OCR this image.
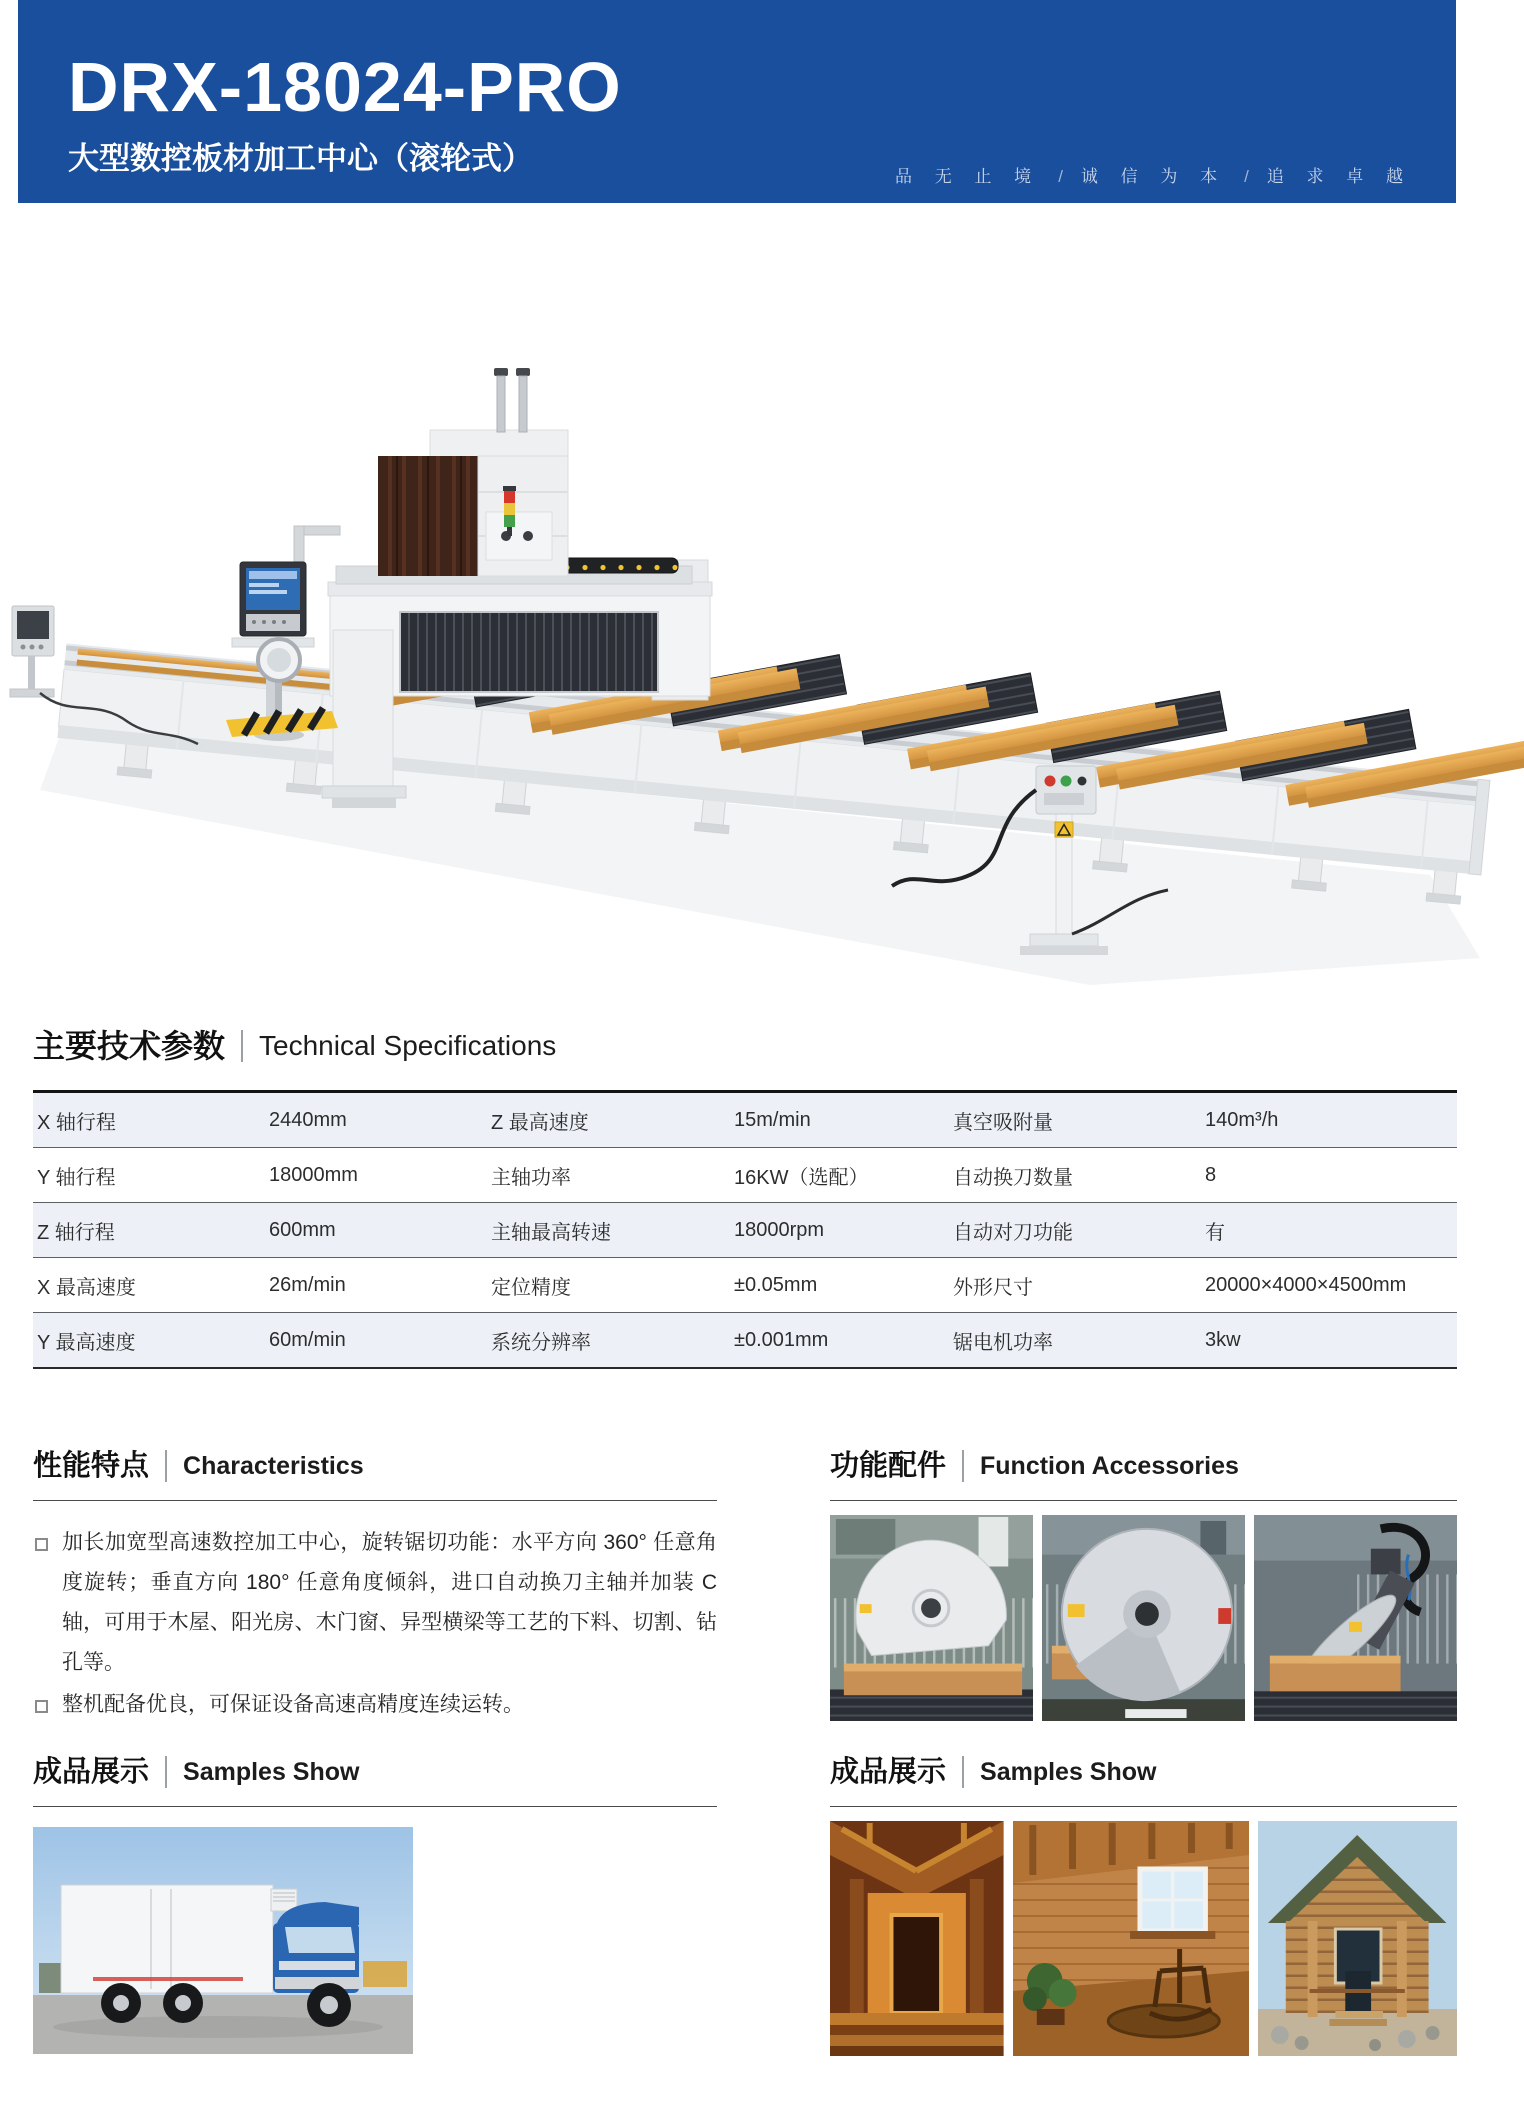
DRX-18024-PRO
大型数控板材加工中心（滚轮式）
品 无 止 境 / 诚 信 为 本 / 追 求 卓 越
主要技术参数 Technical Specifications
X 轴行程	2440mm	Z 最高速度	15m/min	真空吸附量	140m³/h
Y 轴行程	18000mm	主轴功率	16KW（选配）	自动换刀数量	8
Z 轴行程	600mm	主轴最高转速	18000rpm	自动对刀功能	有
X 最高速度	26m/min	定位精度	±0.05mm	外形尺寸	20000×4000×4500mm
Y 最高速度	60m/min	系统分辨率	±0.001mm	锯电机功率	3kw
性能特点 Characteristics
加长加宽型高速数控加工中心，旋转锯切功能：水平方向 360° 任意角度旋转；垂直方向 180° 任意角度倾斜，进口自动换刀主轴并加装 C 轴，可用于木屋、阳光房、木门窗、异型横梁等工艺的下料、切割、钻孔等。
整机配备优良，可保证设备高速高精度连续运转。
功能配件 Function Accessories
成品展示 Samples Show	成品展示 Samples Show
